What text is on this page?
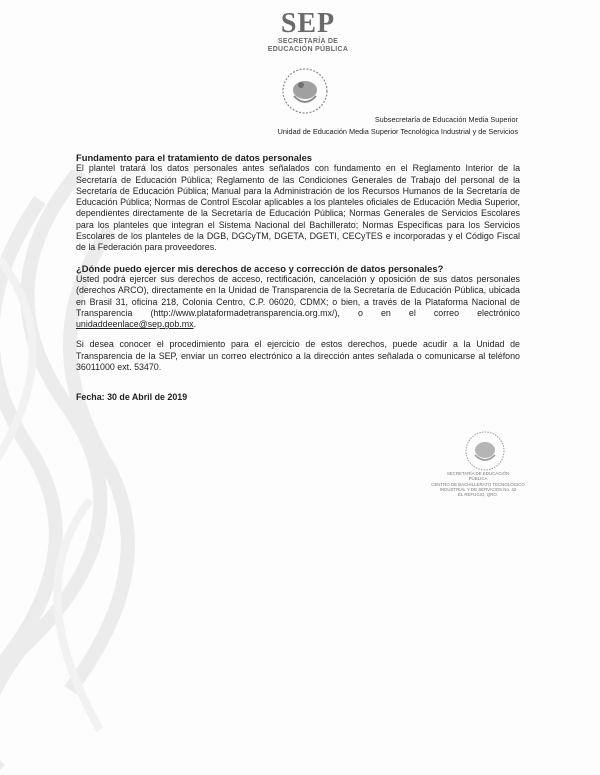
SEP
SECRETARÍA DE
EDUCACIÓN PÚBLICA
Subsecretaría de Educación Media Superior
Unidad de Educación Media Superior Tecnológica Industrial y de Servicios

Fundamento para el tratamiento de datos personales

El plantel tratará los datos personales antes señalados con fundamento en el Reglamento Interior de la Secretaría de Educación Pública; Reglamento de las Condiciones Generales de Trabajo del personal de la Secretaría de Educación Pública; Manual para la Administración de los Recursos Humanos de la Secretaría de Educación Pública; Normas de Control Escolar aplicables a los planteles oficiales de Educación Media Superior, dependientes directamente de la Secretaría de Educación Pública; Normas Generales de Servicios Escolares para los planteles que integran el Sistema Nacional del Bachillerato; Normas Específicas para los Servicios Escolares de los planteles de la DGB, DGCyTM, DGETA, DGETI, CECyTES e incorporadas y el Código Fiscal de la Federación para proveedores.

¿Dónde puedo ejercer mis derechos de acceso y corrección de datos personales?

Usted podrá ejercer sus derechos de acceso, rectificación, cancelación y oposición de sus datos personales (derechos ARCO), directamente en la Unidad de Transparencia de la Secretaría de Educación Pública, ubicada en Brasil 31, oficina 218, Colonia Centro, C.P. 06020, CDMX; o bien, a través de la Plataforma Nacional de Transparencia (http://www.plataformadetransparencia.org.mx/), o en el correo electrónico unidaddeenlace@sep.gob.mx.

Si desea conocer el procedimiento para el ejercicio de estos derechos, puede acudir a la Unidad de Transparencia de la SEP, enviar un correo electrónico a la dirección antes señalada o comunicarse al teléfono 36011000 ext. 53470.

Fecha: 30 de Abril de 2019

SECRETARÍA DE EDUCACIÓN
PÚBLICA
CENTRO DE BACHILLERATO TECNOLÓGICO
INDUSTRIAL Y DE SERVICIOS No. 42
EL REFUGIO, QRO.
